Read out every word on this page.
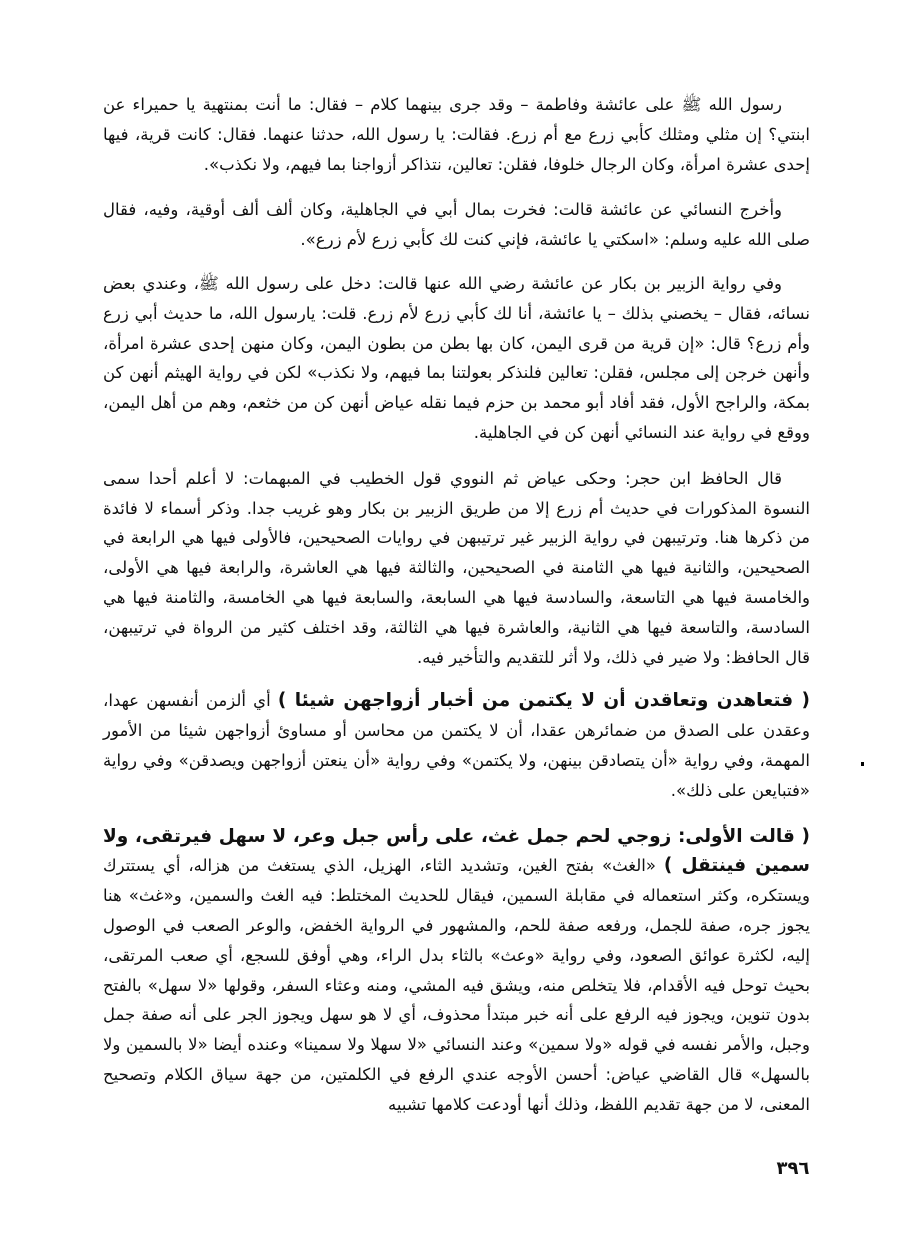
رسول الله ﷺ على عائشة وفاطمة – وقد جرى بينهما كلام – فقال: ما أنت بمنتهية يا حميراء عن ابنتي؟ إن مثلي ومثلك كأبي زرع مع أم زرع. فقالت: يا رسول الله، حدثنا عنهما. فقال: كانت قرية، فيها إحدى عشرة امرأة، وكان الرجال خلوفا، فقلن: تعالين، نتذاكر أزواجنا بما فيهم، ولا نكذب».
وأخرج النسائي عن عائشة قالت: فخرت بمال أبي في الجاهلية، وكان ألف ألف أوقية، وفيه، فقال صلى الله عليه وسلم: «اسكتي يا عائشة، فإني كنت لك كأبي زرع لأم زرع».
وفي رواية الزبير بن بكار عن عائشة رضي الله عنها قالت: دخل على رسول الله ﷺ، وعندي بعض نسائه، فقال – يخصني بذلك – يا عائشة، أنا لك كأبي زرع لأم زرع. قلت: يارسول الله، ما حديث أبي زرع وأم زرع؟ قال: «إن قرية من قرى اليمن، كان بها بطن من بطون اليمن، وكان منهن إحدى عشرة امرأة، وأنهن خرجن إلى مجلس، فقلن: تعالين فلنذكر بعولتنا بما فيهم، ولا نكذب» لكن في رواية الهيثم أنهن كن بمكة، والراجح الأول، فقد أفاد أبو محمد بن حزم فيما نقله عياض أنهن كن من خثعم، وهم من أهل اليمن، ووقع في رواية عند النسائي أنهن كن في الجاهلية.
قال الحافظ ابن حجر: وحكى عياض ثم النووي قول الخطيب في المبهمات: لا أعلم أحدا سمى النسوة المذكورات في حديث أم زرع إلا من طريق الزبير بن بكار وهو غريب جدا. وذكر أسماء لا فائدة من ذكرها هنا. وترتيبهن في رواية الزبير غير ترتيبهن في روايات الصحيحين، فالأولى فيها هي الرابعة في الصحيحين، والثانية فيها هي الثامنة في الصحيحين، والثالثة فيها هي العاشرة، والرابعة فيها هي الأولى، والخامسة فيها هي التاسعة، والسادسة فيها هي السابعة، والسابعة فيها هي الخامسة، والثامنة فيها هي السادسة، والتاسعة فيها هي الثانية، والعاشرة فيها هي الثالثة، وقد اختلف كثير من الرواة في ترتيبهن، قال الحافظ: ولا ضير في ذلك، ولا أثر للتقديم والتأخير فيه.
( فتعاهدن وتعاقدن أن لا يكتمن من أخبار أزواجهن شيئا ) أي ألزمن أنفسهن عهدا، وعقدن على الصدق من ضمائرهن عقدا، أن لا يكتمن من محاسن أو مساوئ أزواجهن شيئا من الأمور المهمة، وفي رواية «أن يتصادقن بينهن، ولا يكتمن» وفي رواية «أن ينعتن أزواجهن ويصدقن» وفي رواية «فتبايعن على ذلك».
( قالت الأولى: زوجي لحم جمل غث، على رأس جبل وعر، لا سهل فيرتقى، ولا سمين فينتقل ) «الغث» بفتح الغين، وتشديد الثاء، الهزيل، الذي يستغث من هزاله، أي يستترك ويستكره، وكثر استعماله في مقابلة السمين، فيقال للحديث المختلط: فيه الغث والسمين، و«غث» هنا يجوز جره، صفة للجمل، ورفعه صفة للحم، والمشهور في الرواية الخفض، والوعر الصعب في الوصول إليه، لكثرة عوائق الصعود، وفي رواية «وعث» بالثاء بدل الراء، وهي أوفق للسجع، أي صعب المرتقى، بحيث توحل فيه الأقدام، فلا يتخلص منه، ويشق فيه المشي، ومنه وعثاء السفر، وقولها «لا سهل» بالفتح بدون تنوين، ويجوز فيه الرفع على أنه خبر مبتدأ محذوف، أي لا هو سهل ويجوز الجر على أنه صفة جمل وجبل، والأمر نفسه في قوله «ولا سمين» وعند النسائي «لا سهلا ولا سمينا» وعنده أيضا «لا بالسمين ولا بالسهل» قال القاضي عياض: أحسن الأوجه عندي الرفع في الكلمتين، من جهة سياق الكلام وتصحيح المعنى، لا من جهة تقديم اللفظ، وذلك أنها أودعت كلامها تشبيه
٣٩٦
